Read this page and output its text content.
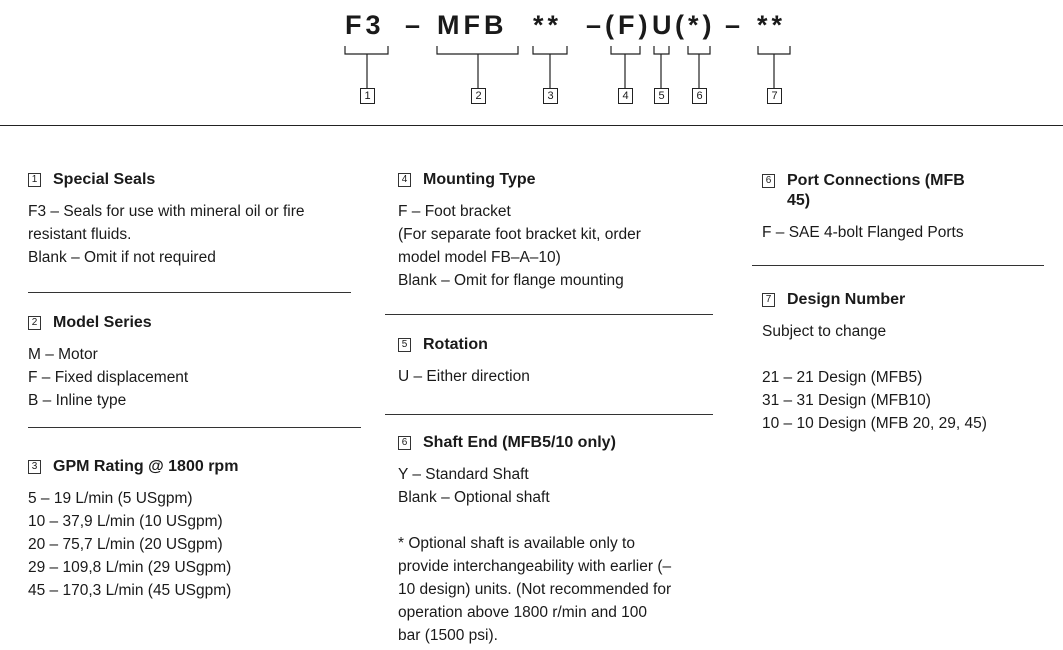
F3 – MFB ** –(F) U (*) – **
1	2	3	4	5	6	7
1 Special Seals
F3 – Seals for use with mineral oil or fire
resistant fluids.
Blank – Omit if not required
2 Model Series
M – Motor
F – Fixed displacement
B – Inline type
3 GPM Rating @ 1800 rpm
5 – 19 L/min (5 USgpm)
10 – 37,9 L/min (10 USgpm)
20 – 75,7 L/min (20 USgpm)
29 – 109,8 L/min (29 USgpm)
45 – 170,3 L/min (45 USgpm)
4 Mounting Type
F – Foot bracket
(For separate foot bracket kit, order
model model FB–A–10)
Blank – Omit for flange mounting
5 Rotation
U – Either direction
6 Shaft End (MFB5/10 only)
Y – Standard Shaft
Blank – Optional shaft
* Optional shaft is available only to
provide interchangeability with earlier (–
10 design) units. (Not recommended for
operation above 1800 r/min and 100
bar (1500 psi).
6 Port Connections (MFB
45)
F – SAE 4-bolt Flanged Ports
7 Design Number
Subject to change
21 – 21 Design (MFB5)
31 – 31 Design (MFB10)
10 – 10 Design (MFB 20, 29, 45)
